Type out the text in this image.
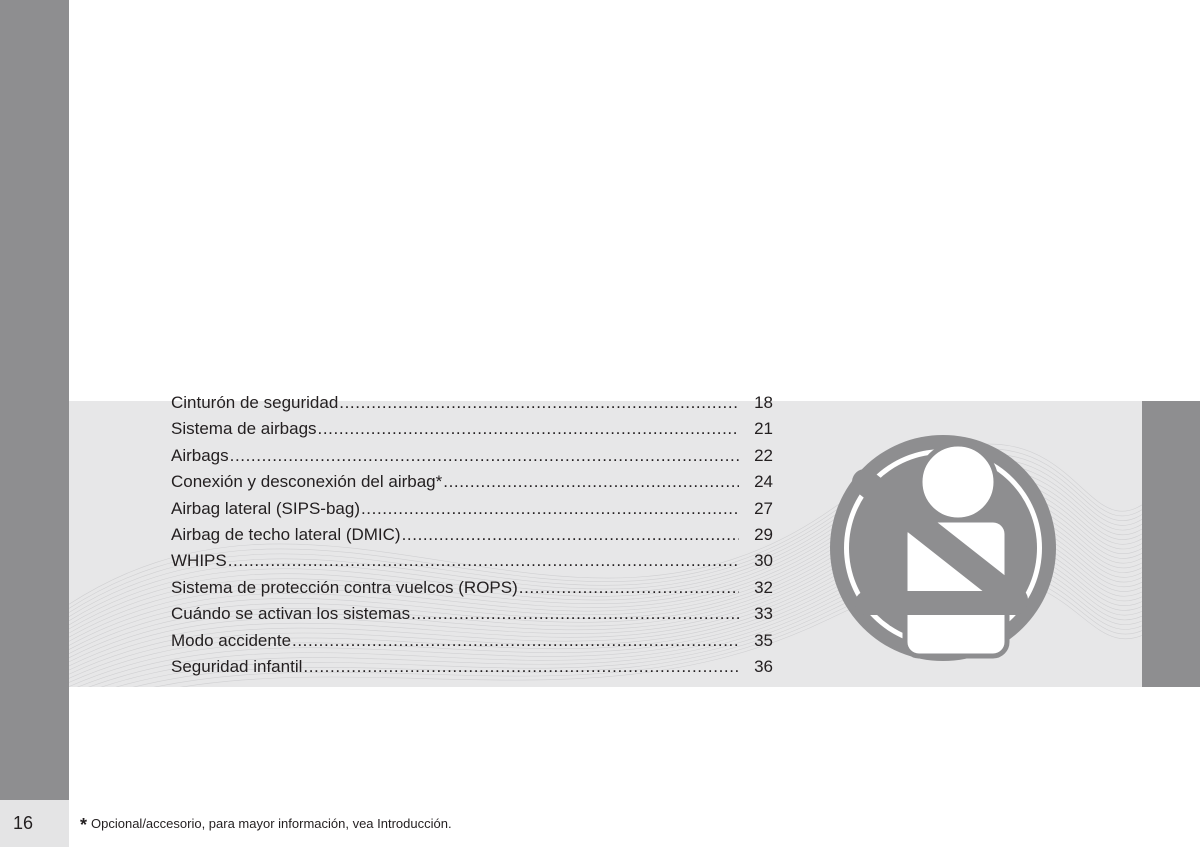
16
Cinturón de seguridad .....	18
Sistema de airbags .....	21
Airbags .....	22
Conexión y desconexión del airbag* .....	24
Airbag lateral (SIPS-bag) .....	27
Airbag de techo lateral (DMIC) .....	29
WHIPS .....	30
Sistema de protección contra vuelcos (ROPS) .....	32
Cuándo se activan los sistemas .....	33
Modo accidente .....	35
Seguridad infantil .....	36
* Opcional/accesorio, para mayor información, vea Introducción.
